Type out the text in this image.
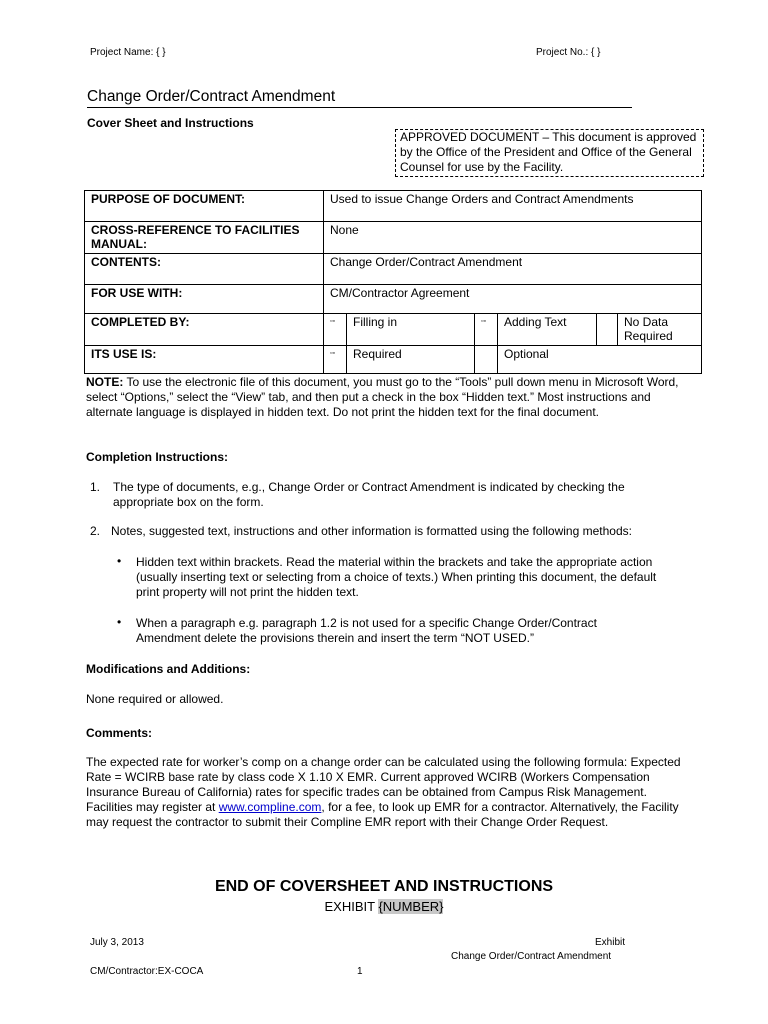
Project Name: { }	Project No.: { }
Change Order/Contract Amendment
Cover Sheet and Instructions
APPROVED DOCUMENT – This document is approved by the Office of the President and Office of the General Counsel for use by the Facility.
PURPOSE OF DOCUMENT:	Used to issue Change Orders and Contract Amendments					
CROSS-REFERENCE TO FACILITIES MANUAL:	None					
CONTENTS:	Change Order/Contract Amendment					
FOR USE WITH:	CM/Contractor Agreement					
COMPLETED BY:	▫▫	Filling in	▫▫	Adding Text		No Data Required
ITS USE IS:	▫▫	Required		Optional		
NOTE: To use the electronic file of this document, you must go to the “Tools” pull down menu in Microsoft Word, select “Options,” select the “View” tab, and then put a check in the box “Hidden text.” Most instructions and alternate language is displayed in hidden text. Do not print the hidden text for the final document.
Completion Instructions:
1. The type of documents, e.g., Change Order or Contract Amendment is indicated by checking the appropriate box on the form.
2. Notes, suggested text, instructions and other information is formatted using the following methods:
• Hidden text within brackets. Read the material within the brackets and take the appropriate action (usually inserting text or selecting from a choice of texts.) When printing this document, the default print property will not print the hidden text.
• When a paragraph e.g. paragraph 1.2 is not used for a specific Change Order/Contract Amendment delete the provisions therein and insert the term “NOT USED.”
Modifications and Additions:
None required or allowed.
Comments:
The expected rate for worker’s comp on a change order can be calculated using the following formula: Expected Rate = WCIRB base rate by class code X 1.10 X EMR. Current approved WCIRB (Workers Compensation Insurance Bureau of California) rates for specific trades can be obtained from Campus Risk Management. Facilities may register at www.compline.com, for a fee, to look up EMR for a contractor. Alternatively, the Facility may request the contractor to submit their Compline EMR report with their Change Order Request.
END OF COVERSHEET AND INSTRUCTIONS
EXHIBIT {NUMBER}
July 3, 2013	Exhibit
Change Order/Contract Amendment
CM/Contractor:EX-COCA	1
